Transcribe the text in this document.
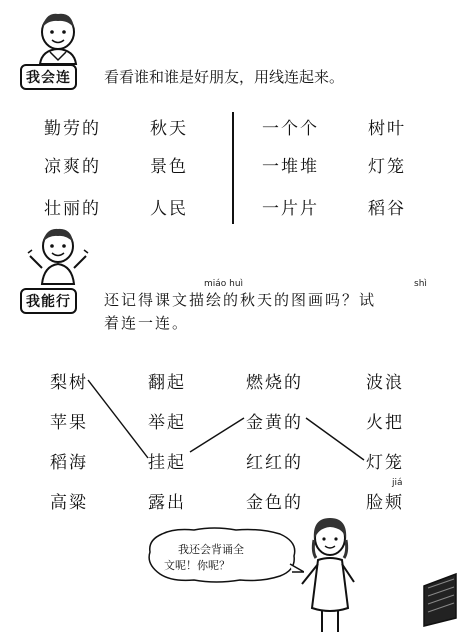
我会连	看看谁和谁是好朋友，用线连起来。
勤劳的
凉爽的
壮丽的
秋天
景色
人民
一个个
一堆堆
一片片
树叶
灯笼
稻谷
我能行
miáo huì	shì
还记得课文描绘的秋天的图画吗？试
着连一连。
梨树
苹果
稻海
高粱
翻起
举起
挂起
露出
燃烧的
金黄的
红红的
金色的
波浪
火把
灯笼
脸颊
jiá
我还会背诵全
文呢！你呢？
